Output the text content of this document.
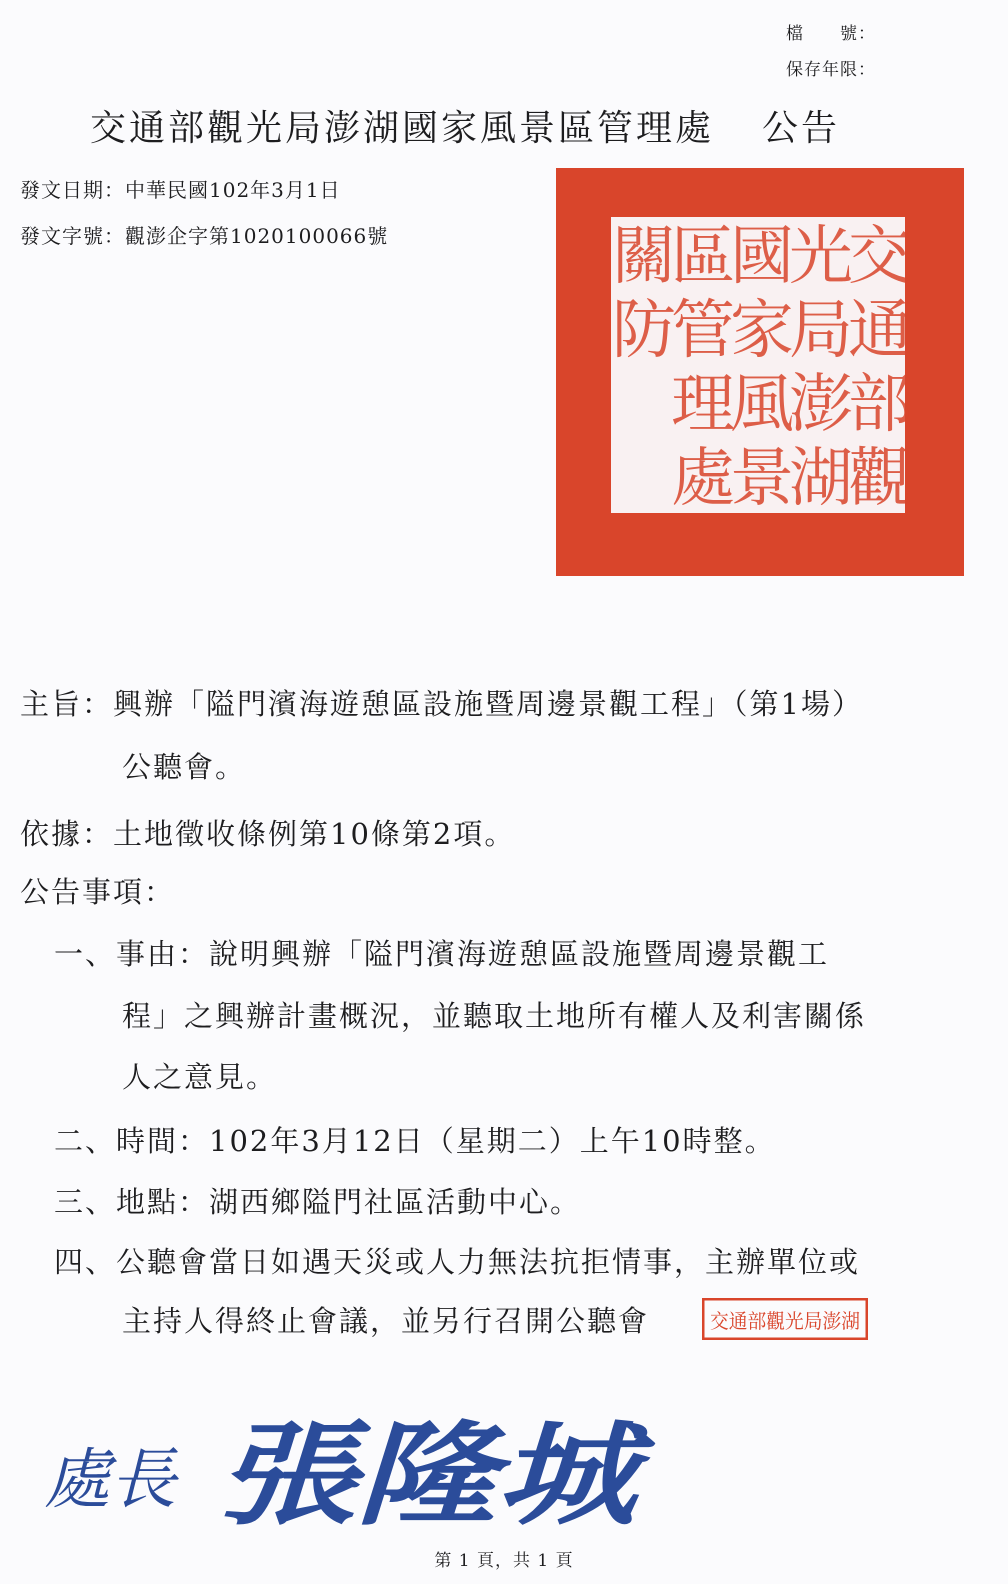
檔　　號：
保存年限：
交通部觀光局澎湖國家風景區管理處 公告
發文日期：中華民國102年3月1日
發文字號：觀澎企字第1020100066號	交
通
部
觀
光
局
澎
湖
國
家
風
景
區
管
理
處
關
防
主旨：興辦「隘門濱海遊憩區設施暨周邊景觀工程」（第1場）
公聽會。
依據：土地徵收條例第10條第2項。
公告事項：
一、事由：說明興辦「隘門濱海遊憩區設施暨周邊景觀工
程」之興辦計畫概況，並聽取土地所有權人及利害關係
人之意見。
二、時間：102年3月12日（星期二）上午10時整。
三、地點：湖西鄉隘門社區活動中心。
四、公聽會當日如遇天災或人力無法抗拒情事，主辦單位或
主持人得終止會議，並另行召開公聽會	交通部觀光局澎湖
處長 張隆城
第 1 頁，共 1 頁
